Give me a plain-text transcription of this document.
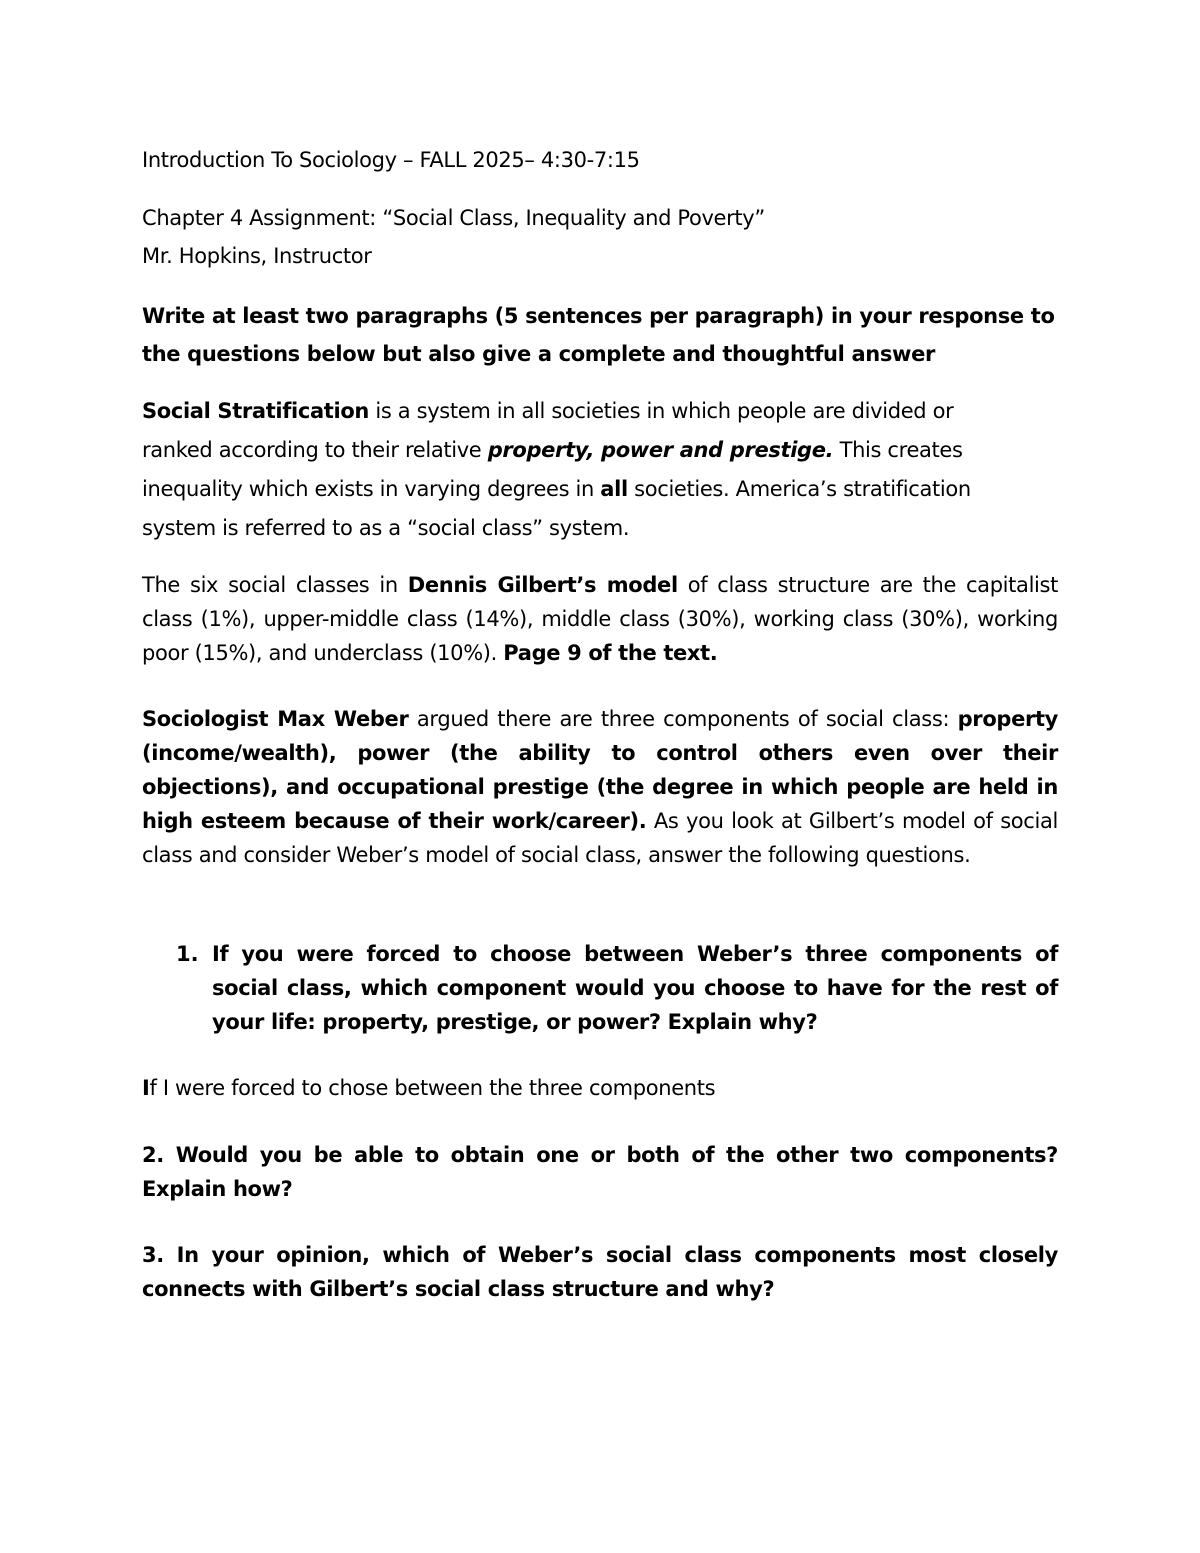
Introduction To Sociology – FALL 2025– 4:30-7:15

Chapter 4 Assignment: “Social Class, Inequality and Poverty”

Mr. Hopkins, Instructor

Write at least two paragraphs (5 sentences per paragraph) in your response to

the questions below but also give a complete and thoughtful answer

Social Stratification is a system in all societies in which people are divided or

ranked according to their relative property, power and prestige. This creates

inequality which exists in varying degrees in all societies. America’s stratification

system is referred to as a “social class” system.

The six social classes in Dennis Gilbert’s model of class structure are the capitalist class (1%), upper-middle class (14%), middle class (30%), working class (30%), working poor (15%), and underclass (10%). Page 9 of the text.

Sociologist Max Weber argued there are three components of social class: property (income/wealth), power (the ability to control others even over their objections), and occupational prestige (the degree in which people are held in high esteem because of their work/career). As you look at Gilbert’s model of social class and consider Weber’s model of social class, answer the following questions.

1. If you were forced to choose between Weber’s three components of social class, which component would you choose to have for the rest of your life: property, prestige, or power? Explain why?

If I were forced to chose between the three components

2. Would you be able to obtain one or both of the other two components? Explain how?

3. In your opinion, which of Weber’s social class components most closely connects with Gilbert’s social class structure and why?
